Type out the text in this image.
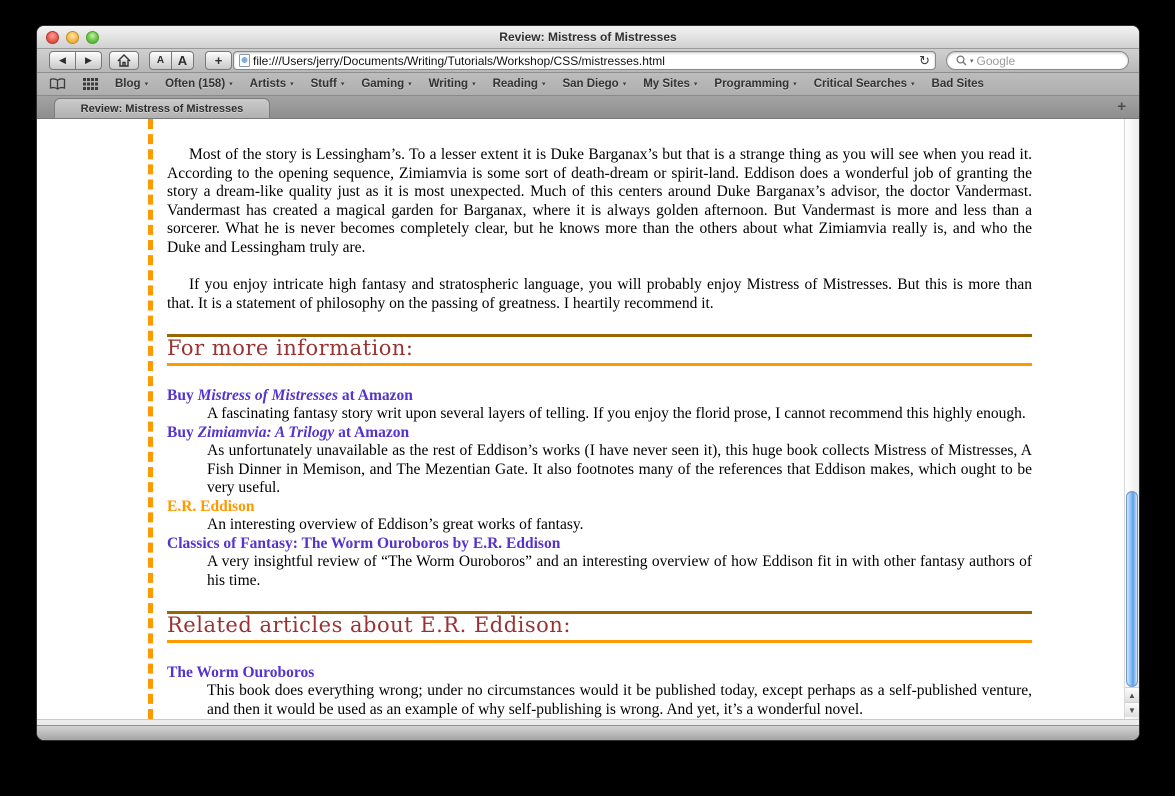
Review: Mistress of Mistresses
◀ ▶	A	A	+
file:///Users/jerry/Documents/Writing/Tutorials/Workshop/CSS/mistresses.html	↻	▾
Google
Blog ▾ Often (158) ▾ Artists ▾ Stuff ▾ Gaming ▾ Writing ▾ Reading ▾ San Diego ▾ My Sites ▾ Programming ▾ Critical Searches ▾ Bad Sites
Review: Mistress of Mistresses	+

Most of the story is Lessingham’s. To a lesser extent it is Duke Barganax’s but that is a strange thing as you will see when you read it. According to the opening sequence, Zimiamvia is some sort of death-dream or spirit-land. Eddison does a wonderful job of granting the story a dream-like quality just as it is most unexpected. Much of this centers around Duke Barganax’s advisor, the doctor Vandermast. Vandermast has created a magical garden for Barganax, where it is always golden afternoon. But Vandermast is more and less than a sorcerer. What he is never becomes completely clear, but he knows more than the others about what Zimiamvia really is, and who the Duke and Lessingham truly are.

If you enjoy intricate high fantasy and stratospheric language, you will probably enjoy Mistress of Mistresses. But this is more than that. It is a statement of philosophy on the passing of greatness. I heartily recommend it.

For more information:
Buy Mistress of Mistresses at Amazon
A fascinating fantasy story writ upon several layers of telling. If you enjoy the florid prose, I cannot recommend this highly enough.
Buy Zimiamvia: A Trilogy at Amazon
As unfortunately unavailable as the rest of Eddison’s works (I have never seen it), this huge book collects Mistress of Mistresses, A Fish Dinner in Memison, and The Mezentian Gate. It also footnotes many of the references that Eddison makes, which ought to be very useful.
E.R. Eddison
An interesting overview of Eddison’s great works of fantasy.
Classics of Fantasy: The Worm Ouroboros by E.R. Eddison
A very insightful review of “The Worm Ouroboros” and an interesting overview of how Eddison fit in with other fantasy authors of his time.
Related articles about E.R. Eddison:
The Worm Ouroboros
This book does everything wrong; under no circumstances would it be published today, except perhaps as a self-published venture, and then it would be used as an example of why self-publishing is wrong. And yet, it’s a wonderful novel.
▲
▼
